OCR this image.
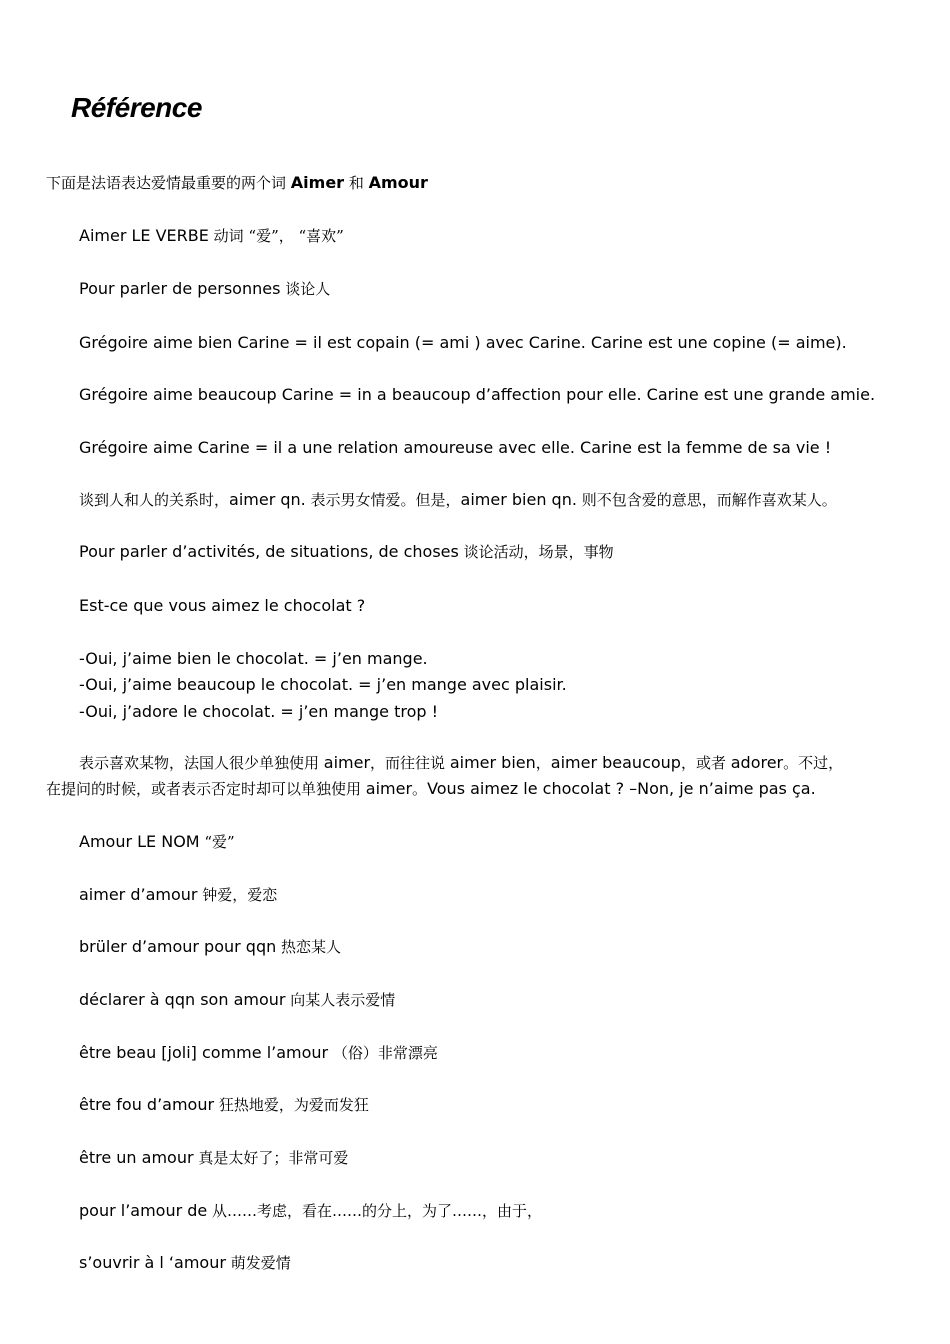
Référence
下面是法语表达爱情最重要的两个词 Aimer 和 Amour
Aimer LE VERBE 动词 “爱”， “喜欢”
Pour parler de personnes 谈论人
Grégoire aime bien Carine = il est copain (= ami ) avec Carine. Carine est une copine (= aime).
Grégoire aime beaucoup Carine = in a beaucoup d’affection pour elle. Carine est une grande amie.
Grégoire aime Carine = il a une relation amoureuse avec elle. Carine est la femme de sa vie !
谈到人和人的关系时，aimer qn. 表示男女情爱。但是，aimer bien qn. 则不包含爱的意思，而解作喜欢某人。
Pour parler d’activités, de situations, de choses 谈论活动，场景，事物
Est-ce que vous aimez le chocolat ?
-Oui, j’aime bien le chocolat. = j’en mange.
-Oui, j’aime beaucoup le chocolat. = j’en mange avec plaisir.
-Oui, j’adore le chocolat. = j’en mange trop !
表示喜欢某物，法国人很少单独使用 aimer，而往往说 aimer bien，aimer beaucoup，或者 adorer。不过，
在提问的时候，或者表示否定时却可以单独使用 aimer。Vous aimez le chocolat ? –Non, je n’aime pas ça.
Amour LE NOM “爱”
aimer d’amour 钟爱，爱恋
brüler d’amour pour qqn 热恋某人
déclarer à qqn son amour 向某人表示爱情
être beau [joli] comme l’amour （俗）非常漂亮
être fou d’amour 狂热地爱，为爱而发狂
être un amour 真是太好了；非常可爱
pour l’amour de 从……考虑，看在……的分上，为了……，由于，
s’ouvrir à l ‘amour 萌发爱情
